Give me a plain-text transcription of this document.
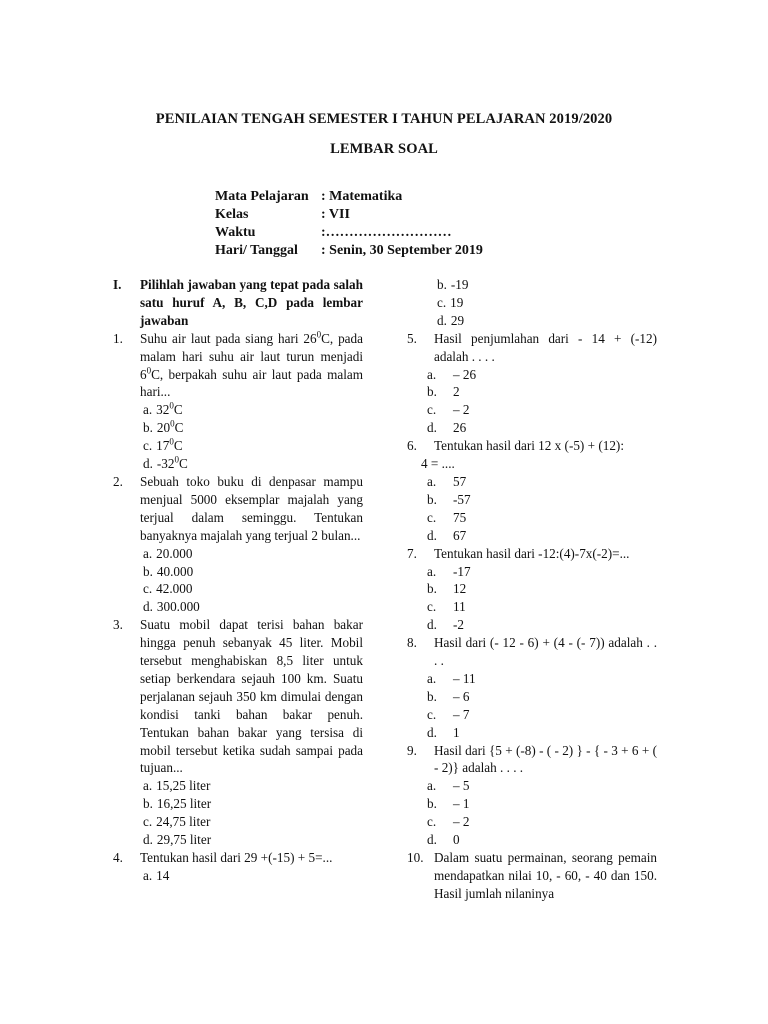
PENILAIAN TENGAH SEMESTER I TAHUN PELAJARAN 2019/2020
LEMBAR SOAL
Mata Pelajaran : Matematika
Kelas	: VII
Waktu	:………………………
Hari/ Tanggal : Senin, 30 September 2019
I. Pilihlah jawaban yang tepat pada salah satu huruf A, B, C,D pada lembar jawaban
1. Suhu air laut pada siang hari $26^0C$, pada malam hari suhu air laut turun menjadi $6^0C$, berpakah suhu air laut pada malam hari...
a. $32^0C$
b. $20^0C$
c. $17^0C$
d. $-32^0C$
2. Sebuah toko buku di denpasar mampu menjual 5000 eksemplar majalah yang terjual dalam seminggu. Tentukan banyaknya majalah yang terjual 2 bulan...
a. 20.000
b. 40.000
c. 42.000
d. 300.000
3. Suatu mobil dapat terisi bahan bakar hingga penuh sebanyak 45 liter. Mobil tersebut menghabiskan 8,5 liter untuk setiap berkendara sejauh 100 km. Suatu perjalanan sejauh 350 km dimulai dengan kondisi tanki bahan bakar penuh. Tentukan bahan bakar yang tersisa di mobil tersebut ketika sudah sampai pada tujuan...
a. 15,25 liter
b. 16,25 liter
c. 24,75 liter
d. 29,75 liter
4. Tentukan hasil dari 29 +(-15) + 5=...
a. 14
b. -19
c. 19
d. 29
5. Hasil penjumlahan dari - 14 + (-12) adalah . . . .
a. – 26
b. 2
c. – 2
d. 26
6. Tentukan hasil dari 12 x (-5) + (12):
4 = ....
a. 57
b. -57
c. 75
d. 67
7. Tentukan hasil dari -12:(4)-7x(-2)=...
a. -17
b. 12
c. 11
d. -2
8. Hasil dari (- 12 - 6) + (4 - (- 7)) adalah . . . .
a. – 11
b. – 6
c. – 7
d. 1
9. Hasil dari {5 + (-8) - ( - 2) } - { - 3 + 6 + ( - 2)} adalah . . . .
a. – 5
b. – 1
c. – 2
d. 0
10. Dalam suatu permainan, seorang pemain mendapatkan nilai 10, - 60, - 40 dan 150. Hasil jumlah nilaninya
